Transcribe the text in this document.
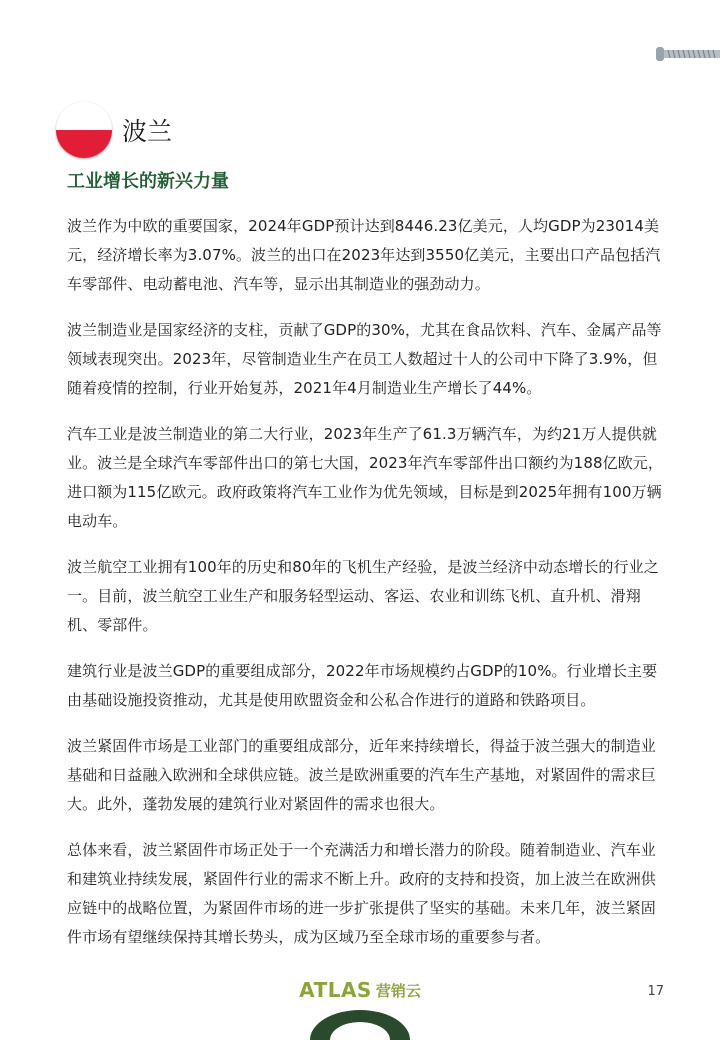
波兰
工业增长的新兴力量

波兰作为中欧的重要国家，2024年GDP预计达到8446.23亿美元，人均GDP为23014美元，经济增长率为3.07%。波兰的出口在2023年达到3550亿美元，主要出口产品包括汽车零部件、电动蓄电池、汽车等，显示出其制造业的强劲动力。

波兰制造业是国家经济的支柱，贡献了GDP的30%，尤其在食品饮料、汽车、金属产品等领域表现突出。2023年，尽管制造业生产在员工人数超过十人的公司中下降了3.9%，但随着疫情的控制，行业开始复苏，2021年4月制造业生产增长了44%。

汽车工业是波兰制造业的第二大行业，2023年生产了61.3万辆汽车，为约21万人提供就业。波兰是全球汽车零部件出口的第七大国，2023年汽车零部件出口额约为188亿欧元，进口额为115亿欧元。政府政策将汽车工业作为优先领域，目标是到2025年拥有100万辆电动车。

波兰航空工业拥有100年的历史和80年的飞机生产经验，是波兰经济中动态增长的行业之一。目前，波兰航空工业生产和服务轻型运动、客运、农业和训练飞机、直升机、滑翔机、零部件。

建筑行业是波兰GDP的重要组成部分，2022年市场规模约占GDP的10%。行业增长主要由基础设施投资推动，尤其是使用欧盟资金和公私合作进行的道路和铁路项目。

波兰紧固件市场是工业部门的重要组成部分，近年来持续增长，得益于波兰强大的制造业基础和日益融入欧洲和全球供应链。波兰是欧洲重要的汽车生产基地，对紧固件的需求巨大。此外，蓬勃发展的建筑行业对紧固件的需求也很大。

总体来看，波兰紧固件市场正处于一个充满活力和增长潜力的阶段。随着制造业、汽车业和建筑业持续发展，紧固件行业的需求不断上升。政府的支持和投资，加上波兰在欧洲供应链中的战略位置，为紧固件市场的进一步扩张提供了坚实的基础。未来几年，波兰紧固件市场有望继续保持其增长势头，成为区域乃至全球市场的重要参与者。

ATLAS 营销云	17
